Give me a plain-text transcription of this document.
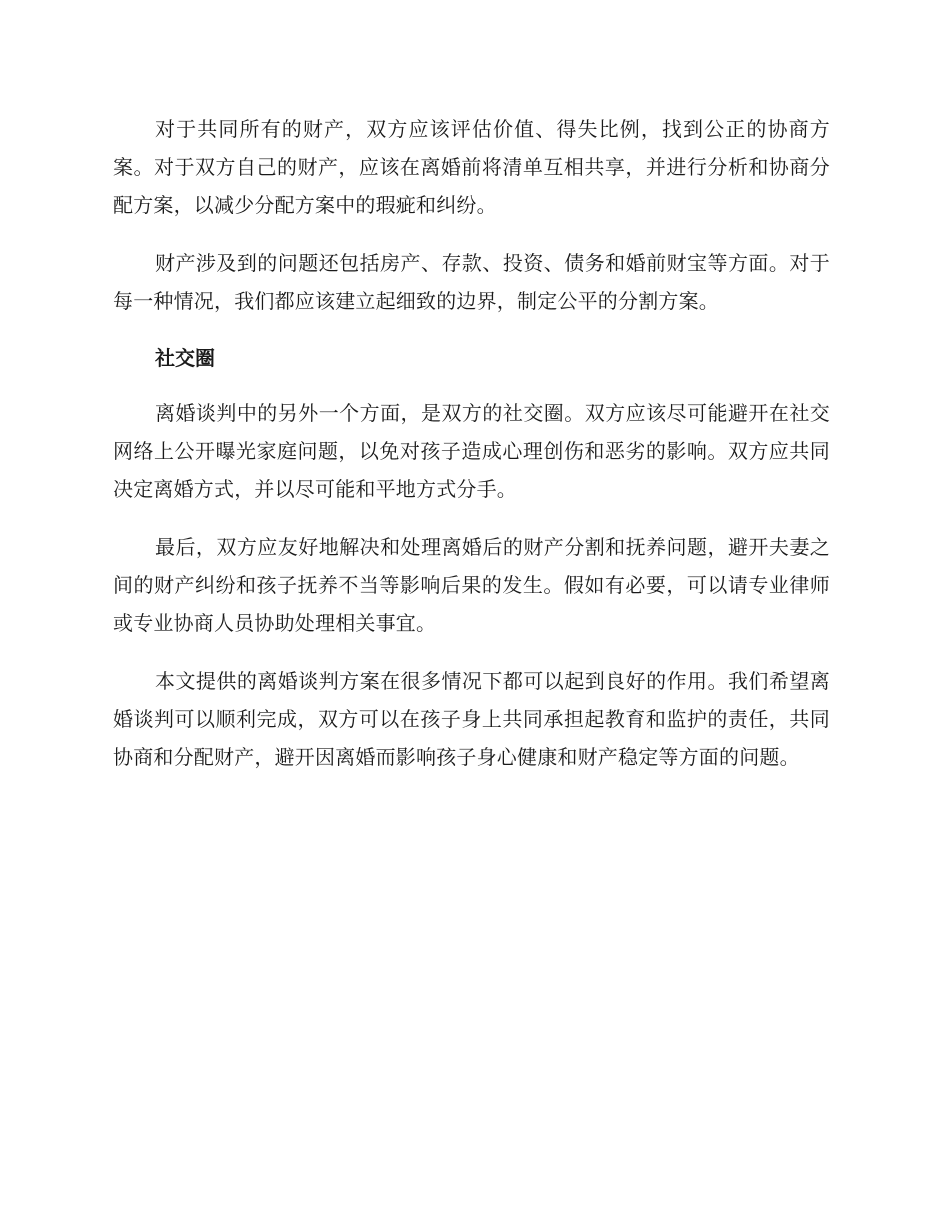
对于共同所有的财产，双方应该评估价值、得失比例，找到公正的协商方案。对于双方自己的财产，应该在离婚前将清单互相共享，并进行分析和协商分配方案，以减少分配方案中的瑕疵和纠纷。

财产涉及到的问题还包括房产、存款、投资、债务和婚前财宝等方面。对于每一种情况，我们都应该建立起细致的边界，制定公平的分割方案。

社交圈

离婚谈判中的另外一个方面，是双方的社交圈。双方应该尽可能避开在社交网络上公开曝光家庭问题，以免对孩子造成心理创伤和恶劣的影响。双方应共同决定离婚方式，并以尽可能和平地方式分手。

最后，双方应友好地解决和处理离婚后的财产分割和抚养问题，避开夫妻之间的财产纠纷和孩子抚养不当等影响后果的发生。假如有必要，可以请专业律师或专业协商人员协助处理相关事宜。

本文提供的离婚谈判方案在很多情况下都可以起到良好的作用。我们希望离婚谈判可以顺利完成，双方可以在孩子身上共同承担起教育和监护的责任，共同协商和分配财产，避开因离婚而影响孩子身心健康和财产稳定等方面的问题。
